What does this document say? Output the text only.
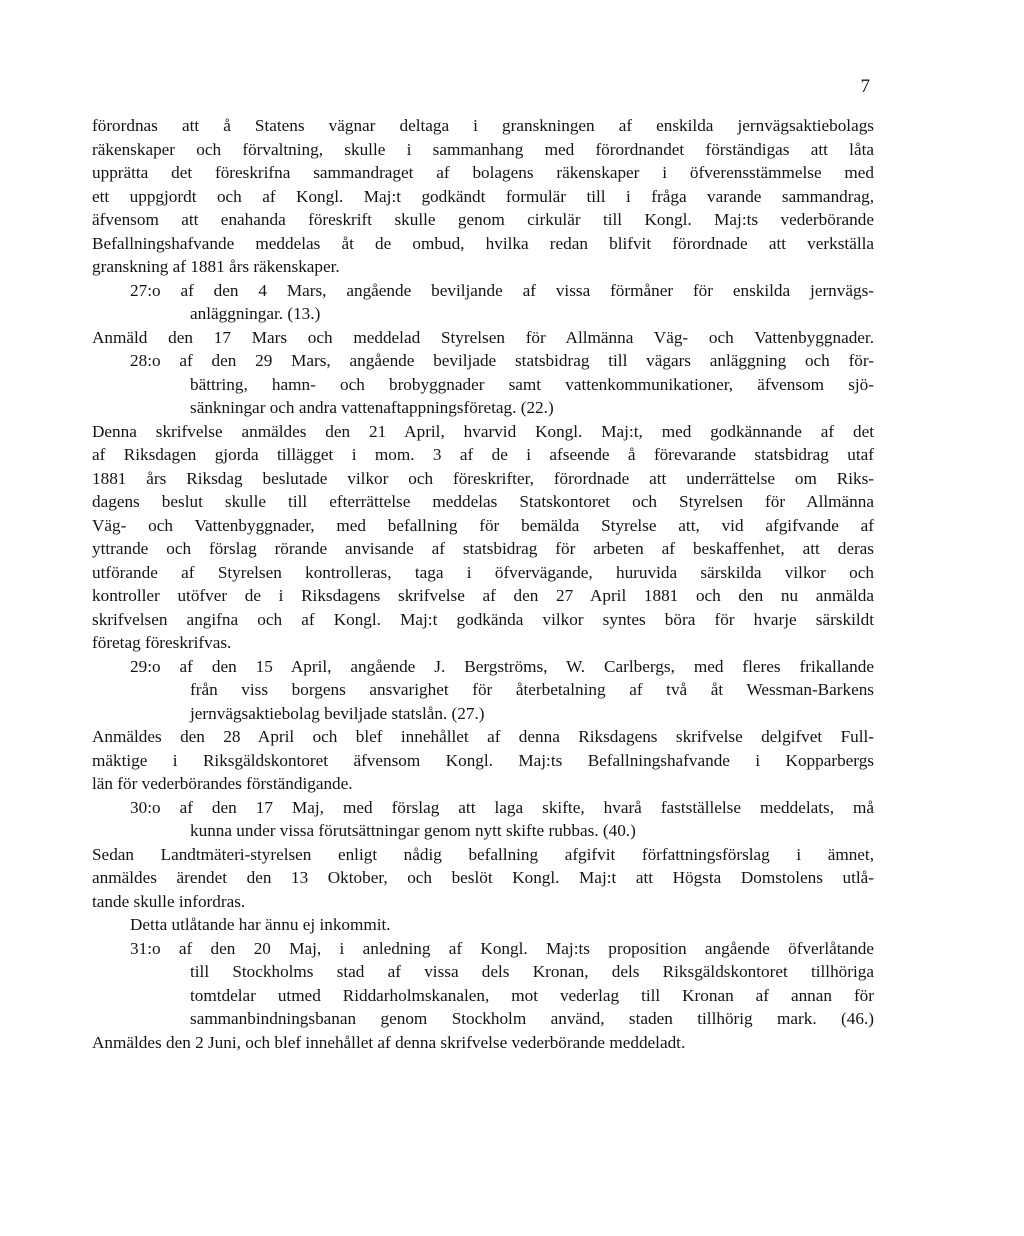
7
förordnas att å Statens vägnar deltaga i granskningen af enskilda jernvägsaktiebolags
räkenskaper och förvaltning, skulle i sammanhang med förordnandet förständigas att låta
upprätta det föreskrifna sammandraget af bolagens räkenskaper i öfverensstämmelse med
ett uppgjordt och af Kongl. Maj:t godkändt formulär till i fråga varande sammandrag,
äfvensom att enahanda föreskrift skulle genom cirkulär till Kongl. Maj:ts vederbörande
Befallningshafvande meddelas åt de ombud, hvilka redan blifvit förordnade att verkställa
granskning af 1881 års räkenskaper.
27:o af den 4 Mars, angående beviljande af vissa förmåner för enskilda jernvägs-
anläggningar. (13.)
Anmäld den 17 Mars och meddelad Styrelsen för Allmänna Väg- och Vattenbyggnader.
28:o af den 29 Mars, angående beviljade statsbidrag till vägars anläggning och för-
bättring, hamn- och brobyggnader samt vattenkommunikationer, äfvensom sjö-
sänkningar och andra vattenaftappningsföretag. (22.)
Denna skrifvelse anmäldes den 21 April, hvarvid Kongl. Maj:t, med godkännande af det
af Riksdagen gjorda tillägget i mom. 3 af de i afseende å förevarande statsbidrag utaf
1881 års Riksdag beslutade vilkor och föreskrifter, förordnade att underrättelse om Riks-
dagens beslut skulle till efterrättelse meddelas Statskontoret och Styrelsen för Allmänna
Väg- och Vattenbyggnader, med befallning för bemälda Styrelse att, vid afgifvande af
yttrande och förslag rörande anvisande af statsbidrag för arbeten af beskaffenhet, att deras
utförande af Styrelsen kontrolleras, taga i öfvervägande, huruvida särskilda vilkor och
kontroller utöfver de i Riksdagens skrifvelse af den 27 April 1881 och den nu anmälda
skrifvelsen angifna och af Kongl. Maj:t godkända vilkor syntes böra för hvarje särskildt
företag föreskrifvas.
29:o af den 15 April, angående J. Bergströms, W. Carlbergs, med fleres frikallande
från viss borgens ansvarighet för återbetalning af två åt Wessman-Barkens
jernvägsaktiebolag beviljade statslån. (27.)
Anmäldes den 28 April och blef innehållet af denna Riksdagens skrifvelse delgifvet Full-
mäktige i Riksgäldskontoret äfvensom Kongl. Maj:ts Befallningshafvande i Kopparbergs
län för vederbörandes förständigande.
30:o af den 17 Maj, med förslag att laga skifte, hvarå fastställelse meddelats, må
kunna under vissa förutsättningar genom nytt skifte rubbas. (40.)
Sedan Landtmäteri-styrelsen enligt nådig befallning afgifvit författningsförslag i ämnet,
anmäldes ärendet den 13 Oktober, och beslöt Kongl. Maj:t att Högsta Domstolens utlå-
tande skulle infordras.
Detta utlåtande har ännu ej inkommit.
31:o af den 20 Maj, i anledning af Kongl. Maj:ts proposition angående öfverlåtande
till Stockholms stad af vissa dels Kronan, dels Riksgäldskontoret tillhöriga
tomtdelar utmed Riddarholmskanalen, mot vederlag till Kronan af annan för
sammanbindningsbanan genom Stockholm använd, staden tillhörig mark. (46.)
Anmäldes den 2 Juni, och blef innehållet af denna skrifvelse vederbörande meddeladt.
